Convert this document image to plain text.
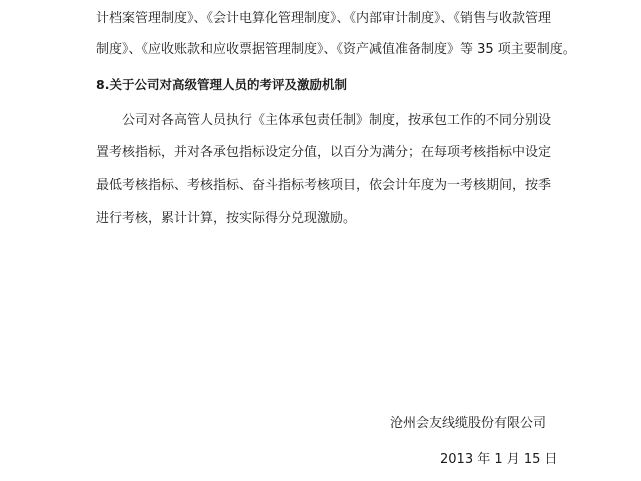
计档案管理制度》、《会计电算化管理制度》、《内部审计制度》、《销售与收款管理
制度》、《应收账款和应收票据管理制度》、《资产减值准备制度》等 35 项主要制度。
8.关于公司对高级管理人员的考评及激励机制
公司对各高管人员执行《主体承包责任制》制度，按承包工作的不同分别设
置考核指标，并对各承包指标设定分值，以百分为满分；在每项考核指标中设定
最低考核指标、考核指标、奋斗指标考核项目，依会计年度为一考核期间，按季
进行考核，累计计算，按实际得分兑现激励。
沧州会友线缆股份有限公司
2013 年 1 月 15 日
